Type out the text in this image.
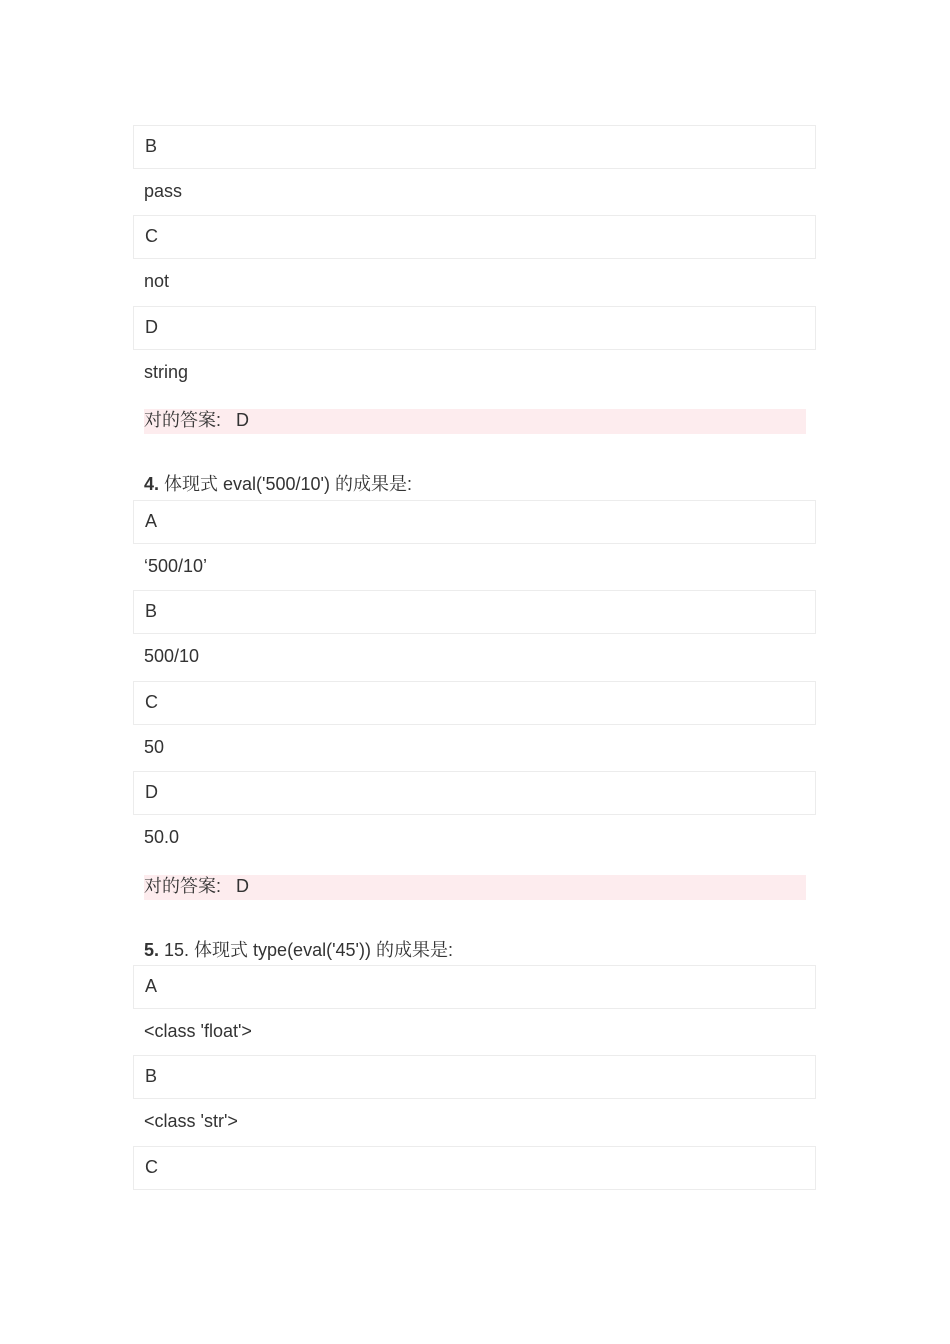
B
pass
C
not
D
string
对的答案: D
4. 体现式 eval('500/10') 的成果是:
A
‘500/10’
B
500/10
C
50
D
50.0
对的答案: D
5. 15. 体现式 type(eval('45')) 的成果是:
A
<class 'float'>
B
<class 'str'>
C
